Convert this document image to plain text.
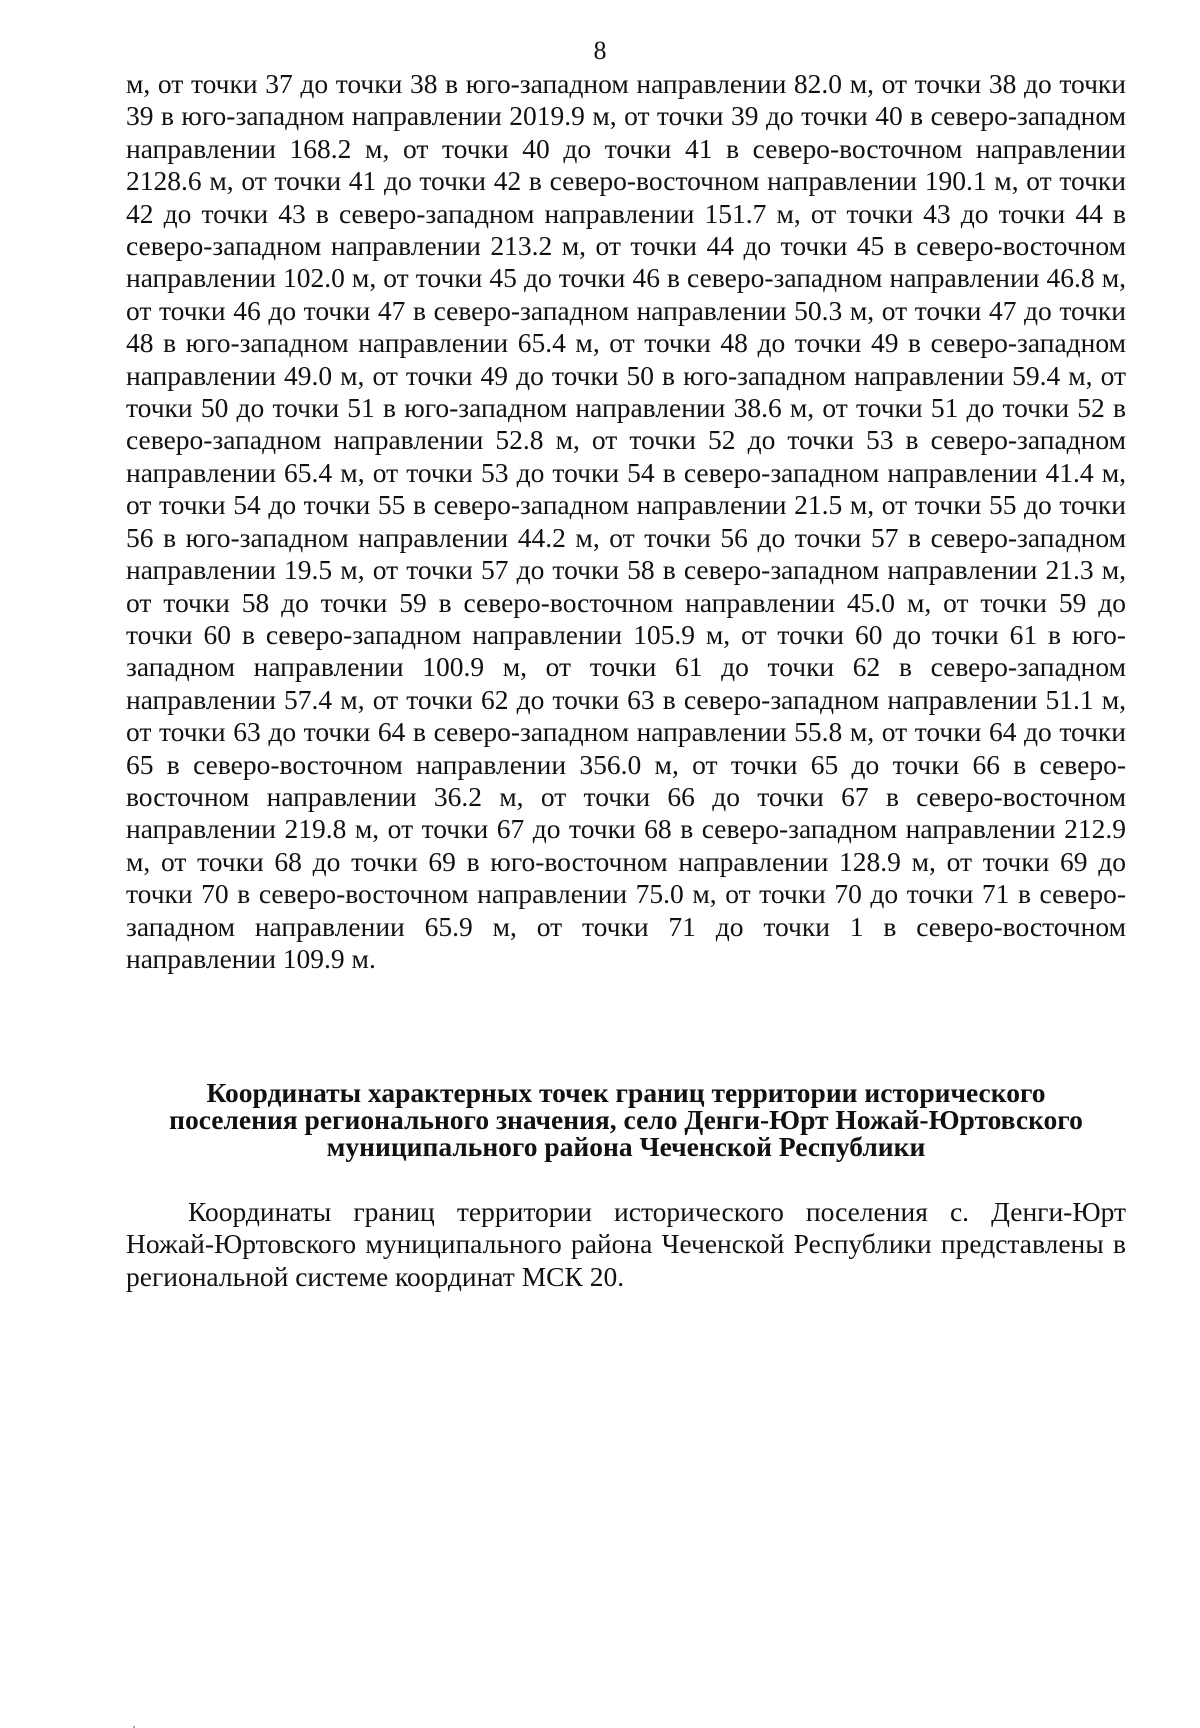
8

м, от точки 37 до точки 38 в юго-западном направлении 82.0 м, от точки 38 до точки 39 в юго-западном направлении 2019.9 м, от точки 39 до точки 40 в северо-западном направлении 168.2 м, от точки 40 до точки 41 в северо-восточном направлении 2128.6 м, от точки 41 до точки 42 в северо-восточном направлении 190.1 м, от точки 42 до точки 43 в северо-западном направлении 151.7 м, от точки 43 до точки 44 в северо-западном направлении 213.2 м, от точки 44 до точки 45 в северо-восточном направлении 102.0 м, от точки 45 до точки 46 в северо-западном направлении 46.8 м, от точки 46 до точки 47 в северо-западном направлении 50.3 м, от точки 47 до точки 48 в юго-западном направлении 65.4 м, от точки 48 до точки 49 в северо-западном направлении 49.0 м, от точки 49 до точки 50 в юго-западном направлении 59.4 м, от точки 50 до точки 51 в юго-западном направлении 38.6 м, от точки 51 до точки 52 в северо-западном направлении 52.8 м, от точки 52 до точки 53 в северо-западном направлении 65.4 м, от точки 53 до точки 54 в северо-западном направлении 41.4 м, от точки 54 до точки 55 в северо-западном направлении 21.5 м, от точки 55 до точки 56 в юго-западном направлении 44.2 м, от точки 56 до точки 57 в северо-западном направлении 19.5 м, от точки 57 до точки 58 в северо-западном направлении 21.3 м, от точки 58 до точки 59 в северо-восточном направлении 45.0 м, от точки 59 до точки 60 в северо-западном направлении 105.9 м, от точки 60 до точки 61 в юго-западном направлении 100.9 м, от точки 61 до точки 62 в северо-западном направлении 57.4 м, от точки 62 до точки 63 в северо-западном направлении 51.1 м, от точки 63 до точки 64 в северо-западном направлении 55.8 м, от точки 64 до точки 65 в северо-восточном направлении 356.0 м, от точки 65 до точки 66 в северо-восточном направлении 36.2 м, от точки 66 до точки 67 в северо-восточном направлении 219.8 м, от точки 67 до точки 68 в северо-западном направлении 212.9 м, от точки 68 до точки 69 в юго-восточном направлении 128.9 м, от точки 69 до точки 70 в северо-восточном направлении 75.0 м, от точки 70 до точки 71 в северо-западном направлении 65.9 м, от точки 71 до точки 1 в северо-восточном направлении 109.9 м.

Координаты характерных точек границ территории исторического
поселения регионального значения, село Денги-Юрт Ножай-Юртовского
муниципального района Чеченской Республики

Координаты границ территории исторического поселения с. Денги-Юрт Ножай-Юртовского муниципального района Чеченской Республики представлены в региональной системе координат МСК 20.
